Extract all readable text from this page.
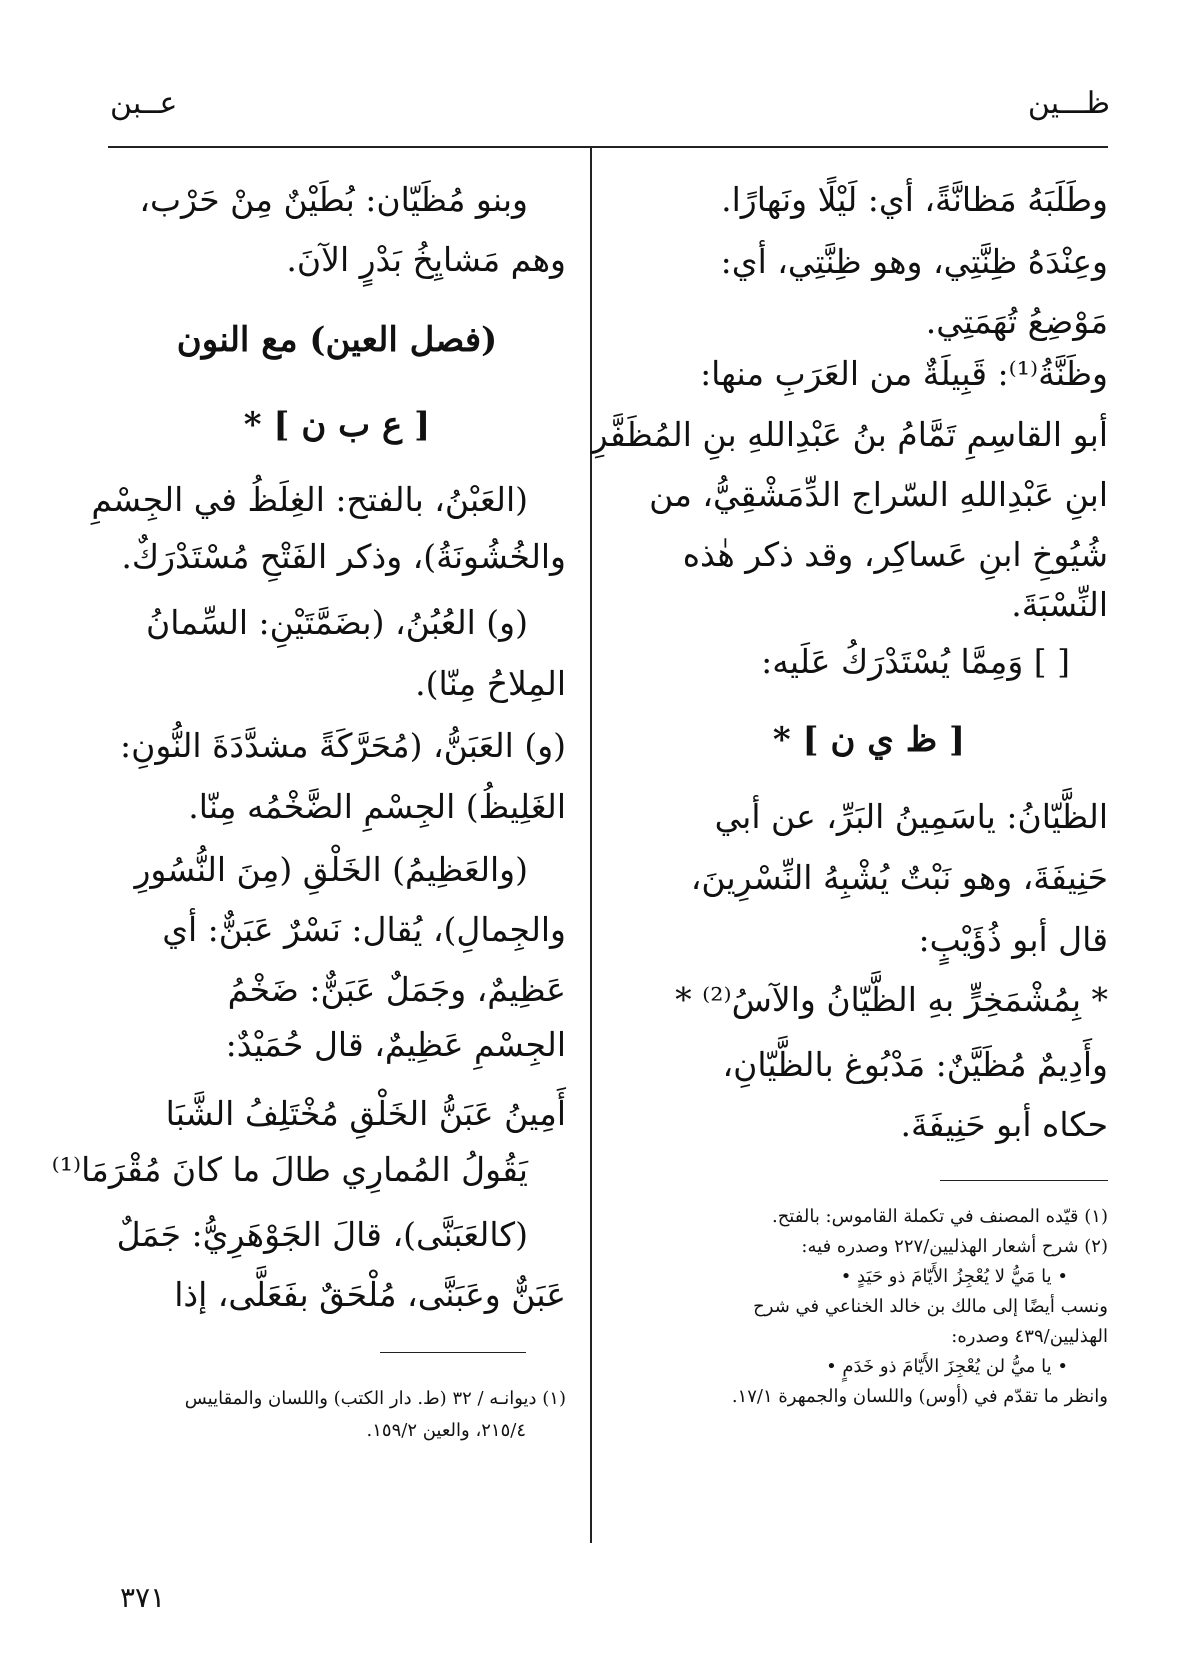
ظـــين
عــبن
وطَلَبَهُ مَظانَّةً، أي: لَيْلًا ونَهارًا.
وعِنْدَهُ ظِنَّتِي، وهو ظِنَّتِي، أي:
مَوْضِعُ تُهَمَتِي.
وظَنَّةُ⁽¹⁾: قَبِيلَةٌ من العَرَبِ منها:
أبو القاسِمِ تَمَّامُ بنُ عَبْدِاللهِ بنِ المُظَفَّرِ
ابنِ عَبْدِاللهِ السّراج الدِّمَشْقِيُّ، من
شُيُوخِ ابنِ عَساكِر، وقد ذكر هٰذه
النِّسْبَةَ.
[ ] وَمِمَّا يُسْتَدْرَكُ عَلَيه:
[ ظ ي ن ] *
الظَّيّانُ: ياسَمِينُ البَرِّ، عن أبي
حَنِيفَةَ، وهو نَبْتٌ يُشْبِهُ النِّسْرِينَ،
قال أبو ذُؤَيْبٍ:
* بِمُشْمَخِرٍّ بهِ الظَّيّانُ والآسُ⁽²⁾ *
وأَدِيمٌ مُظَيَّنٌ: مَدْبُوغ بالظَّيّانِ،
حكاه أبو حَنِيفَةَ.
(١) قيّده المصنف في تكملة القاموس: بالفتح.
(٢) شرح أشعار الهذليين/٢٢٧ وصدره فيه:
• يا مَيُّ لا يُعْجِزُ الأَيّامَ ذو حَيَدٍ •
ونسب أيضًا إلى مالك بن خالد الخناعي في شرح
الهذليين/٤٣٩ وصدره:
• يا ميُّ لن يُعْجِزَ الأَيّامَ ذو خَدَمٍ •
وانظر ما تقدّم في (أوس) واللسان والجمهرة ١٧/١.
وبنو مُظَيّان: بُطَيْنٌ مِنْ حَرْب،
وهم مَشايِخُ بَدْرٍ الآنَ.
(فصل العين) مع النون
[ ع ب ن ] *
(العَبْنُ، بالفتح: الغِلَظُ في الجِسْمِ
والخُشُونَةُ)، وذكر الفَتْحِ مُسْتَدْرَكٌ.
(و) العُبُنُ، (بضَمَّتَيْنِ: السِّمانُ
المِلاحُ مِنّا).
(و) العَبَنُّ، (مُحَرَّكَةً مشدَّدَةَ النُّونِ:
الغَلِيظُ) الجِسْمِ الضَّخْمُه مِنّا.
(والعَظِيمُ) الخَلْقِ (مِنَ النُّسُورِ
والجِمالِ)، يُقال: نَسْرٌ عَبَنٌّ: أي
عَظِيمٌ، وجَمَلٌ عَبَنٌّ: ضَخْمُ
الجِسْمِ عَظِيمٌ، قال حُمَيْدٌ:
أَمِينُ عَبَنُّ الخَلْقِ مُخْتَلِفُ الشَّبَا
يَقُولُ المُمارِي طالَ ما كانَ مُقْرَمَا⁽¹⁾
(كالعَبَنَّى)، قالَ الجَوْهَرِيُّ: جَمَلٌ
عَبَنٌّ وعَبَنَّى، مُلْحَقٌ بفَعَلَّى، إذا
(١) ديوانـه / ٣٢ (ط. دار الكتب) واللسان والمقاييس
٢١٥/٤، والعين ١٥٩/٢.
٣٧١
